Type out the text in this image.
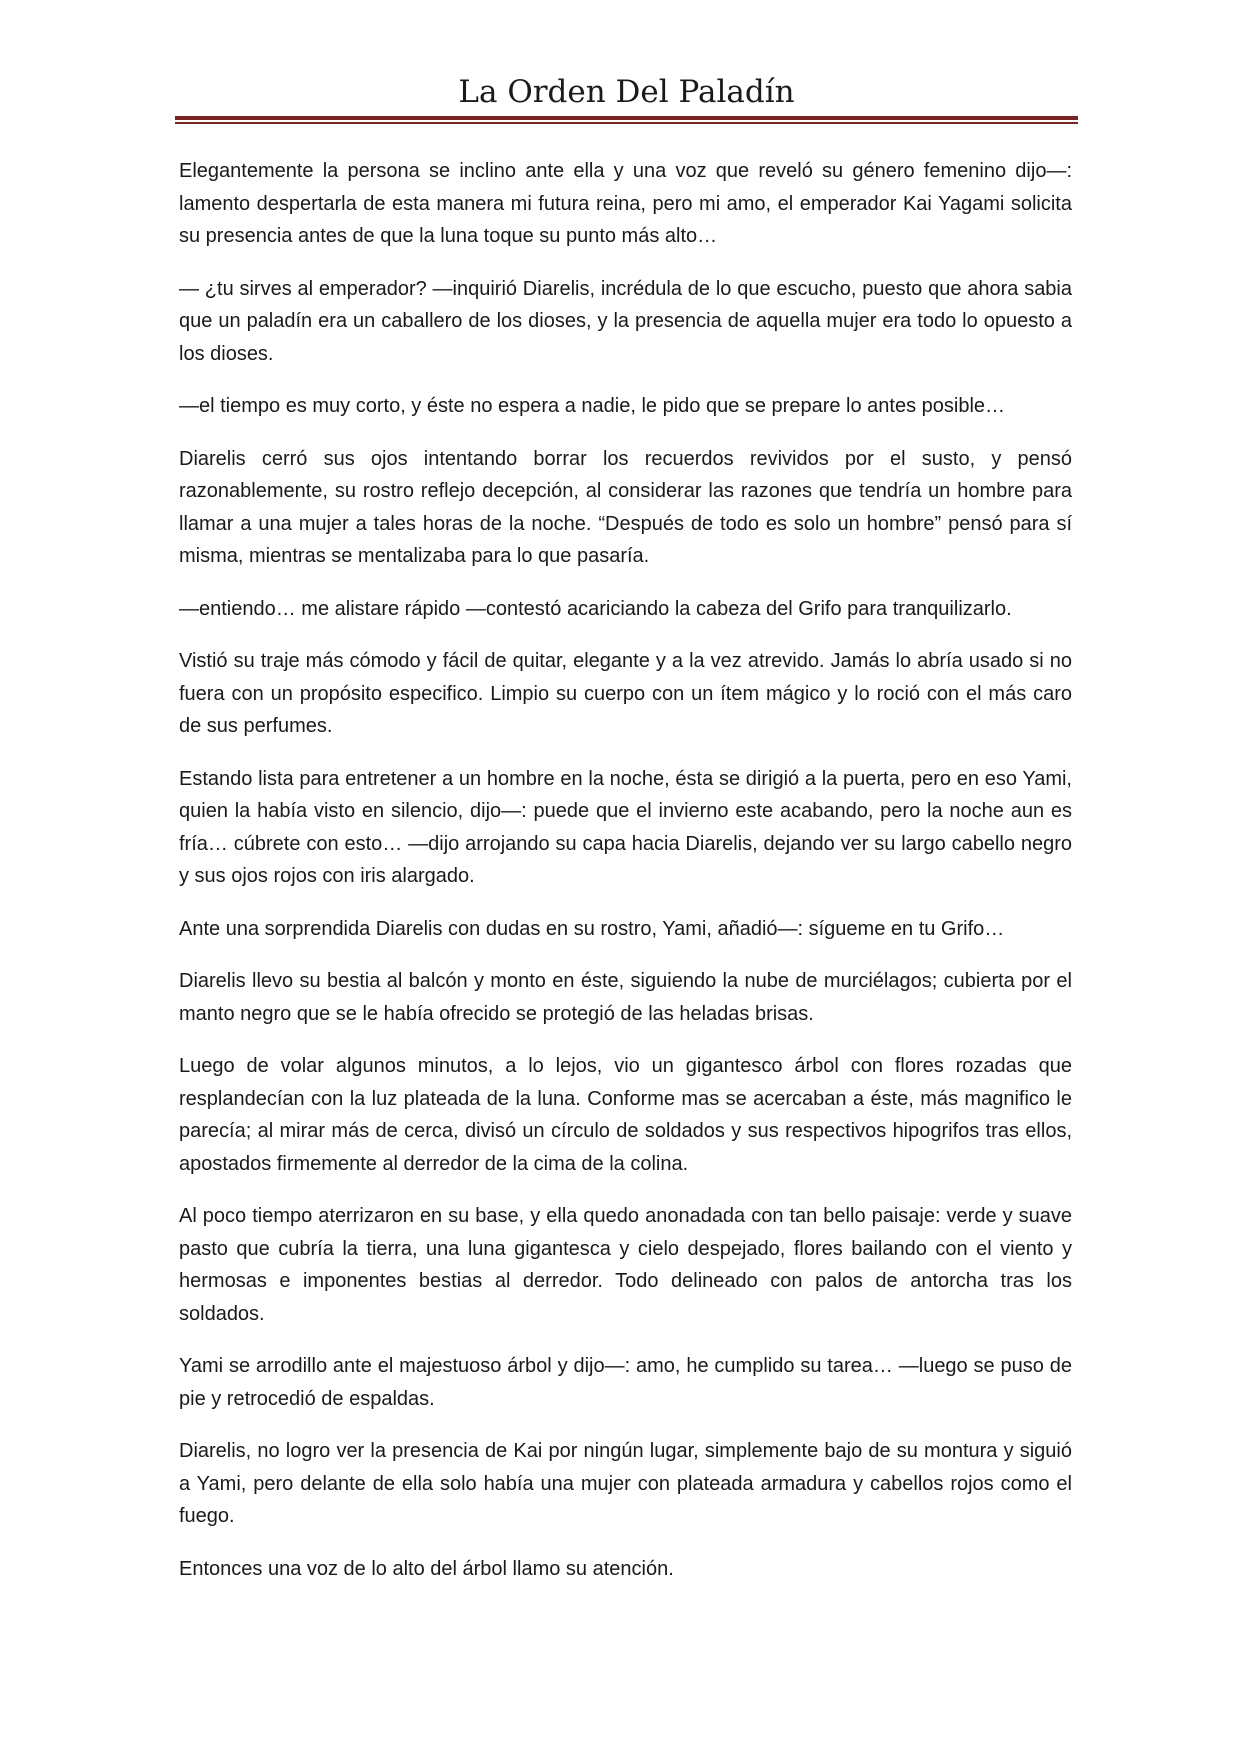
La Orden Del Paladín

Elegantemente la persona se inclino ante ella y una voz que reveló su género femenino dijo—: lamento despertarla de esta manera mi futura reina, pero mi amo, el emperador Kai Yagami solicita su presencia antes de que la luna toque su punto más alto…

— ¿tu sirves al emperador? —inquirió Diarelis, incrédula de lo que escucho, puesto que ahora sabia que un paladín era un caballero de los dioses, y la presencia de aquella mujer era todo lo opuesto a los dioses.

—el tiempo es muy corto, y éste no espera a nadie, le pido que se prepare lo antes posible…

Diarelis cerró sus ojos intentando borrar los recuerdos revividos por el susto, y pensó razonablemente, su rostro reflejo decepción, al considerar las razones que tendría un hombre para llamar a una mujer a tales horas de la noche. “Después de todo es solo un hombre” pensó para sí misma, mientras se mentalizaba para lo que pasaría.

—entiendo… me alistare rápido —contestó acariciando la cabeza del Grifo para tranquilizarlo.

Vistió su traje más cómodo y fácil de quitar, elegante y a la vez atrevido. Jamás lo abría usado si no fuera con un propósito especifico. Limpio su cuerpo con un ítem mágico y lo roció con el más caro de sus perfumes.

Estando lista para entretener a un hombre en la noche, ésta se dirigió a la puerta, pero en eso Yami, quien la había visto en silencio, dijo—: puede que el invierno este acabando, pero la noche aun es fría… cúbrete con esto… —dijo arrojando su capa hacia Diarelis, dejando ver su largo cabello negro y sus ojos rojos con iris alargado.

Ante una sorprendida Diarelis con dudas en su rostro, Yami, añadió—: sígueme en tu Grifo…

Diarelis llevo su bestia al balcón y monto en éste, siguiendo la nube de murciélagos; cubierta por el manto negro que se le había ofrecido se protegió de las heladas brisas.

Luego de volar algunos minutos, a lo lejos, vio un gigantesco árbol con flores rozadas que resplandecían con la luz plateada de la luna. Conforme mas se acercaban a éste, más magnifico le parecía; al mirar más de cerca, divisó un círculo de soldados y sus respectivos hipogrifos tras ellos, apostados firmemente al derredor de la cima de la colina.

Al poco tiempo aterrizaron en su base, y ella quedo anonadada con tan bello paisaje: verde y suave pasto que cubría la tierra, una luna gigantesca y cielo despejado, flores bailando con el viento y hermosas e imponentes bestias al derredor. Todo delineado con palos de antorcha tras los soldados.

Yami se arrodillo ante el majestuoso árbol y dijo—: amo, he cumplido su tarea… —luego se puso de pie y retrocedió de espaldas.

Diarelis, no logro ver la presencia de Kai por ningún lugar, simplemente bajo de su montura y siguió a Yami, pero delante de ella solo había una mujer con plateada armadura y cabellos rojos como el fuego.

Entonces una voz de lo alto del árbol llamo su atención.
